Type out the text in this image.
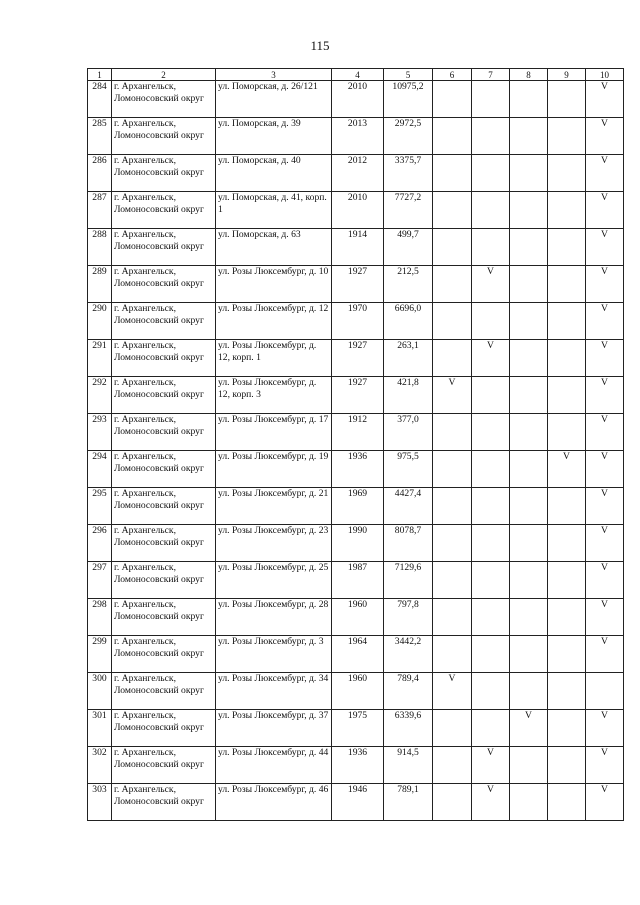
115
1	2	3	4	5	6	7	8	9	10
284	г. Архангельск, Ломоносовский округ	ул. Поморская, д. 26/121	2010	10975,2					V
285	г. Архангельск, Ломоносовский округ	ул. Поморская, д. 39	2013	2972,5					V
286	г. Архангельск, Ломоносовский округ	ул. Поморская, д. 40	2012	3375,7					V
287	г. Архангельск, Ломоносовский округ	ул. Поморская, д. 41, корп. 1	2010	7727,2					V
288	г. Архангельск, Ломоносовский округ	ул. Поморская, д. 63	1914	499,7					V
289	г. Архангельск, Ломоносовский округ	ул. Розы Люксембург, д. 10	1927	212,5		V			V
290	г. Архангельск, Ломоносовский округ	ул. Розы Люксембург, д. 12	1970	6696,0					V
291	г. Архангельск, Ломоносовский округ	ул. Розы Люксембург, д. 12, корп. 1	1927	263,1		V			V
292	г. Архангельск, Ломоносовский округ	ул. Розы Люксембург, д. 12, корп. 3	1927	421,8	V				V
293	г. Архангельск, Ломоносовский округ	ул. Розы Люксембург, д. 17	1912	377,0					V
294	г. Архангельск, Ломоносовский округ	ул. Розы Люксембург, д. 19	1936	975,5				V	V
295	г. Архангельск, Ломоносовский округ	ул. Розы Люксембург, д. 21	1969	4427,4					V
296	г. Архангельск, Ломоносовский округ	ул. Розы Люксембург, д. 23	1990	8078,7					V
297	г. Архангельск, Ломоносовский округ	ул. Розы Люксембург, д. 25	1987	7129,6					V
298	г. Архангельск, Ломоносовский округ	ул. Розы Люксембург, д. 28	1960	797,8					V
299	г. Архангельск, Ломоносовский округ	ул. Розы Люксембург, д. 3	1964	3442,2					V
300	г. Архангельск, Ломоносовский округ	ул. Розы Люксембург, д. 34	1960	789,4	V				
301	г. Архангельск, Ломоносовский округ	ул. Розы Люксембург, д. 37	1975	6339,6			V		V
302	г. Архангельск, Ломоносовский округ	ул. Розы Люксембург, д. 44	1936	914,5		V			V
303	г. Архангельск, Ломоносовский округ	ул. Розы Люксембург, д. 46	1946	789,1		V			V
